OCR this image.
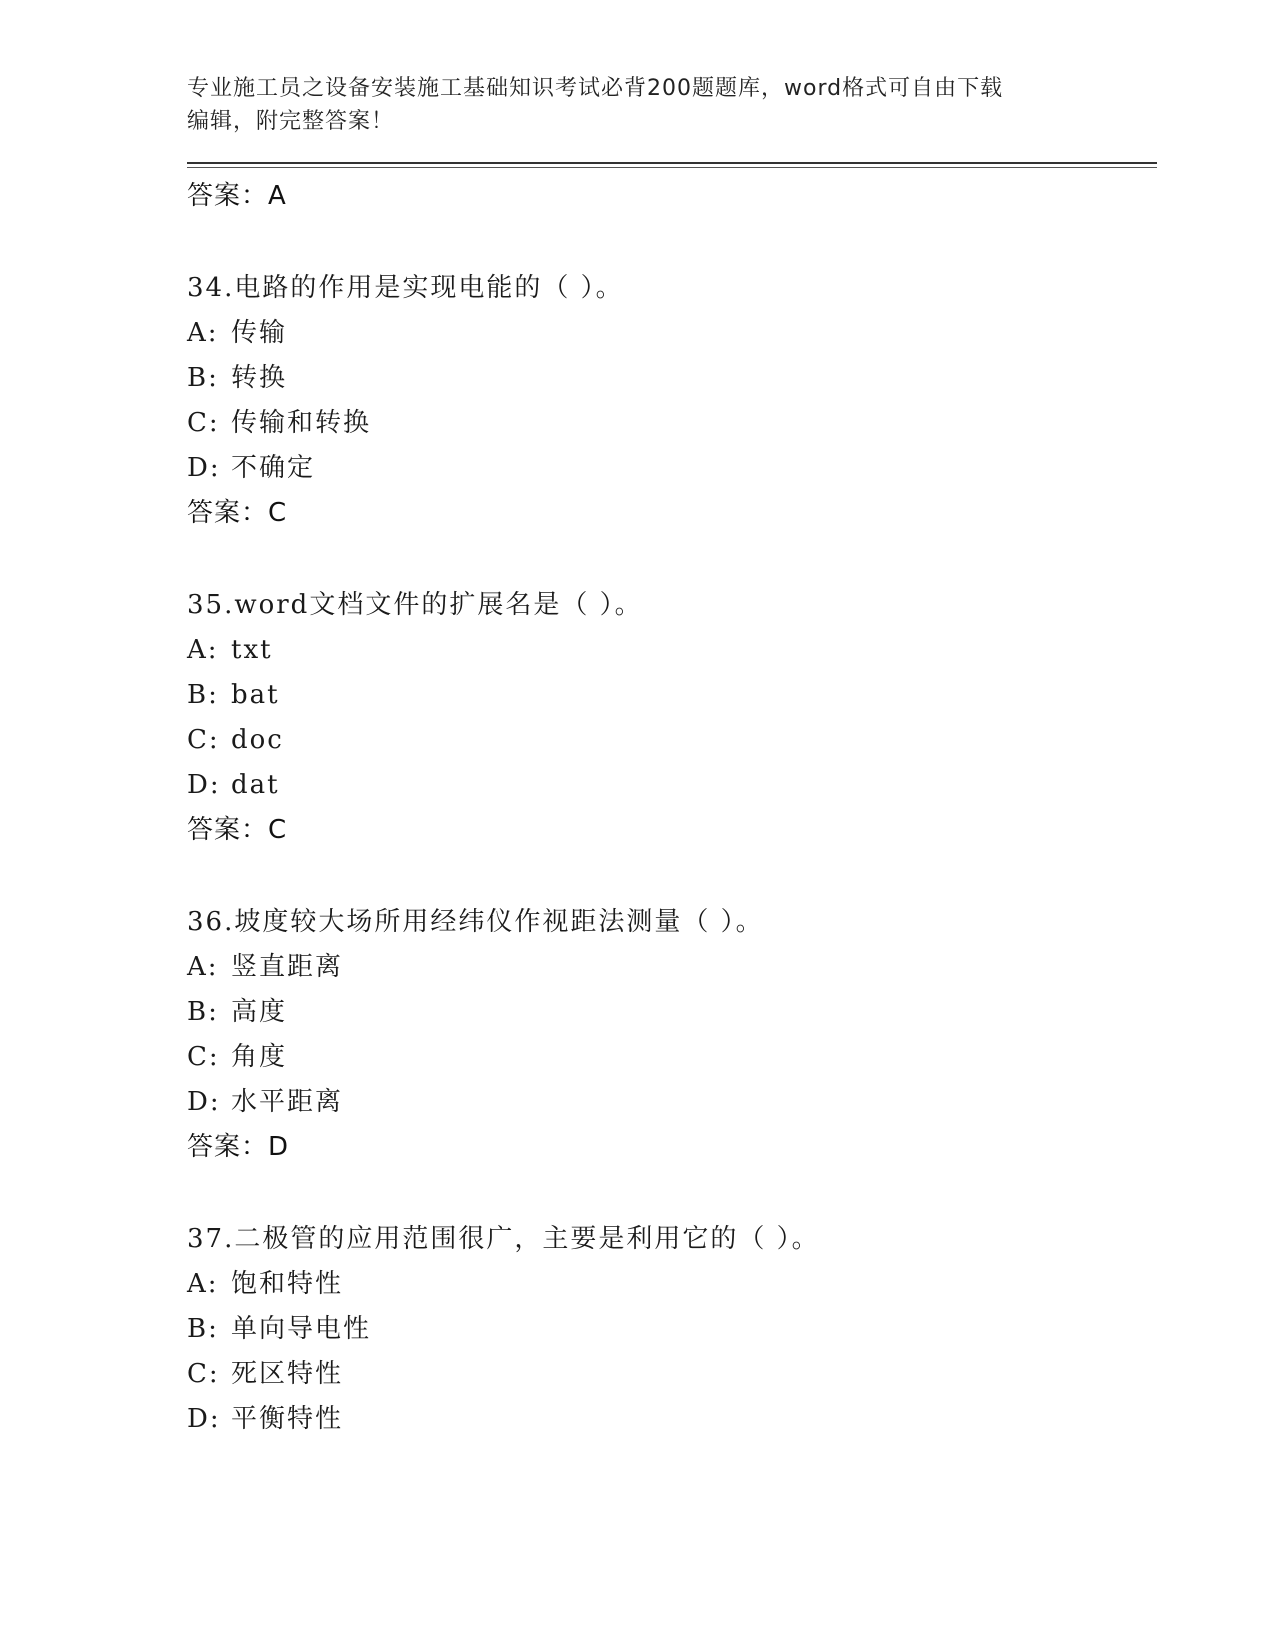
专业施工员之设备安装施工基础知识考试必背200题题库，word格式可自由下载
编辑，附完整答案！
答案：A
34.电路的作用是实现电能的（ ）。
A: 传输
B: 转换
C: 传输和转换
D: 不确定
答案：C
35.word文档文件的扩展名是（ ）。
A: txt
B: bat
C: doc
D: dat
答案：C
36.坡度较大场所用经纬仪作视距法测量（ ）。
A: 竖直距离
B: 高度
C: 角度
D: 水平距离
答案：D
37.二极管的应用范围很广，主要是利用它的（ ）。
A: 饱和特性
B: 单向导电性
C: 死区特性
D: 平衡特性
